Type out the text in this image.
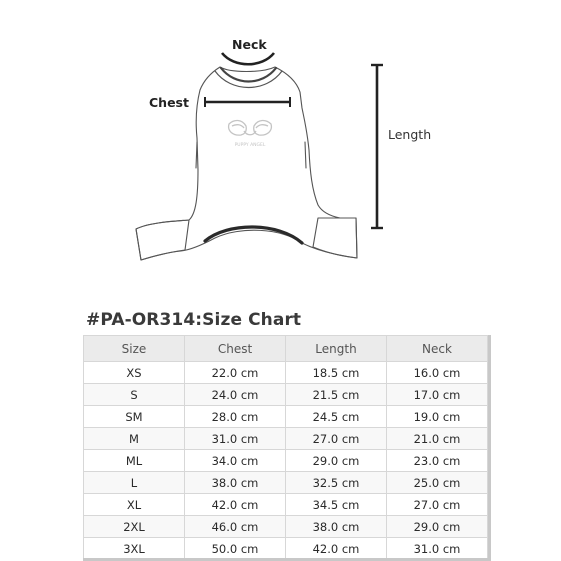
PUPPY ANGEL
Neck
Chest
Length
#PA-OR314:Size Chart
Size	Chest	Length	Neck
XS	22.0 cm	18.5 cm	16.0 cm
S	24.0 cm	21.5 cm	17.0 cm
SM	28.0 cm	24.5 cm	19.0 cm
M	31.0 cm	27.0 cm	21.0 cm
ML	34.0 cm	29.0 cm	23.0 cm
L	38.0 cm	32.5 cm	25.0 cm
XL	42.0 cm	34.5 cm	27.0 cm
2XL	46.0 cm	38.0 cm	29.0 cm
3XL	50.0 cm	42.0 cm	31.0 cm
